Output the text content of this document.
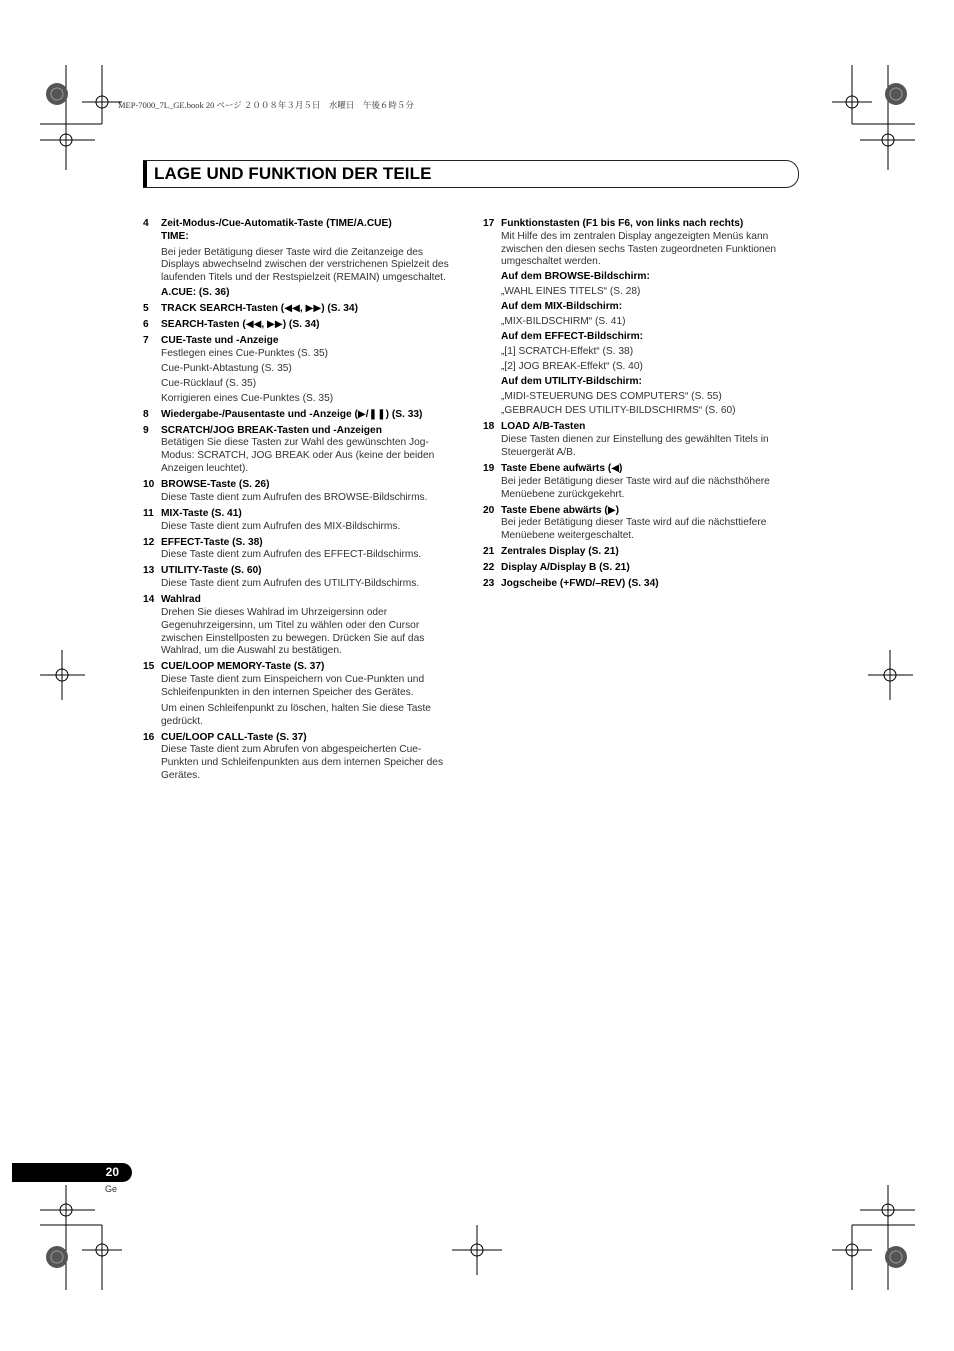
MEP-7000_7L_GE.book 20 ページ ２００８年３月５日　水曜日　午後６時５分
LAGE UND FUNKTION DER TEILE
4	Zeit-Modus-/Cue-Automatik-Taste (TIME/A.CUE)
TIME:
Bei jeder Betätigung dieser Taste wird die Zeitanzeige des Displays abwechselnd zwischen der verstrichenen Spielzeit des laufenden Titels und der Restspielzeit (REMAIN) umgeschaltet.
A.CUE: (S. 36)
5	TRACK SEARCH-Tasten (◀◀, ▶▶) (S. 34)
6	SEARCH-Tasten (◀◀, ▶▶) (S. 34)
7	CUE-Taste und -Anzeige
Festlegen eines Cue-Punktes (S. 35)
Cue-Punkt-Abtastung (S. 35)
Cue-Rücklauf (S. 35)
Korrigieren eines Cue-Punktes (S. 35)
8	Wiedergabe-/Pausentaste und -Anzeige (▶/❚❚) (S. 33)
9	SCRATCH/JOG BREAK-Tasten und -Anzeigen
Betätigen Sie diese Tasten zur Wahl des gewünschten Jog-Modus: SCRATCH, JOG BREAK oder Aus (keine der beiden Anzeigen leuchtet).
10 BROWSE-Taste (S. 26)
Diese Taste dient zum Aufrufen des BROWSE-Bildschirms.
11 MIX-Taste (S. 41)
Diese Taste dient zum Aufrufen des MIX-Bildschirms.
12 EFFECT-Taste (S. 38)
Diese Taste dient zum Aufrufen des EFFECT-Bildschirms.
13 UTILITY-Taste (S. 60)
Diese Taste dient zum Aufrufen des UTILITY-Bildschirms.
14 Wahlrad
Drehen Sie dieses Wahlrad im Uhrzeigersinn oder Gegenuhrzeigersinn, um Titel zu wählen oder den Cursor zwischen Einstellposten zu bewegen. Drücken Sie auf das Wahlrad, um die Auswahl zu bestätigen.
15 CUE/LOOP MEMORY-Taste (S. 37)
Diese Taste dient zum Einspeichern von Cue-Punkten und Schleifenpunkten in den internen Speicher des Gerätes.
Um einen Schleifenpunkt zu löschen, halten Sie diese Taste gedrückt.
16 CUE/LOOP CALL-Taste (S. 37)
Diese Taste dient zum Abrufen von abgespeicherten Cue-Punkten und Schleifenpunkten aus dem internen Speicher des Gerätes.
17 Funktionstasten (F1 bis F6, von links nach rechts)
Mit Hilfe des im zentralen Display angezeigten Menüs kann zwischen den diesen sechs Tasten zugeordneten Funktionen umgeschaltet werden.
Auf dem BROWSE-Bildschirm:
„WAHL EINES TITELS“ (S. 28)
Auf dem MIX-Bildschirm:
„MIX-BILDSCHIRM“ (S. 41)
Auf dem EFFECT-Bildschirm:
„[1] SCRATCH-Effekt“ (S. 38)
„[2] JOG BREAK-Effekt“ (S. 40)
Auf dem UTILITY-Bildschirm:
„MIDI-STEUERUNG DES COMPUTERS“ (S. 55)
„GEBRAUCH DES UTILITY-BILDSCHIRMS“ (S. 60)
18 LOAD A/B-Tasten
Diese Tasten dienen zur Einstellung des gewählten Titels in Steuergerät A/B.
19 Taste Ebene aufwärts (◀)
Bei jeder Betätigung dieser Taste wird auf die nächsthöhere Menüebene zurückgekehrt.
20 Taste Ebene abwärts (▶)
Bei jeder Betätigung dieser Taste wird auf die nächsttiefere Menüebene weitergeschaltet.
21 Zentrales Display (S. 21)
22 Display A/Display B (S. 21)
23 Jogscheibe (+FWD/–REV) (S. 34)
20
Ge
